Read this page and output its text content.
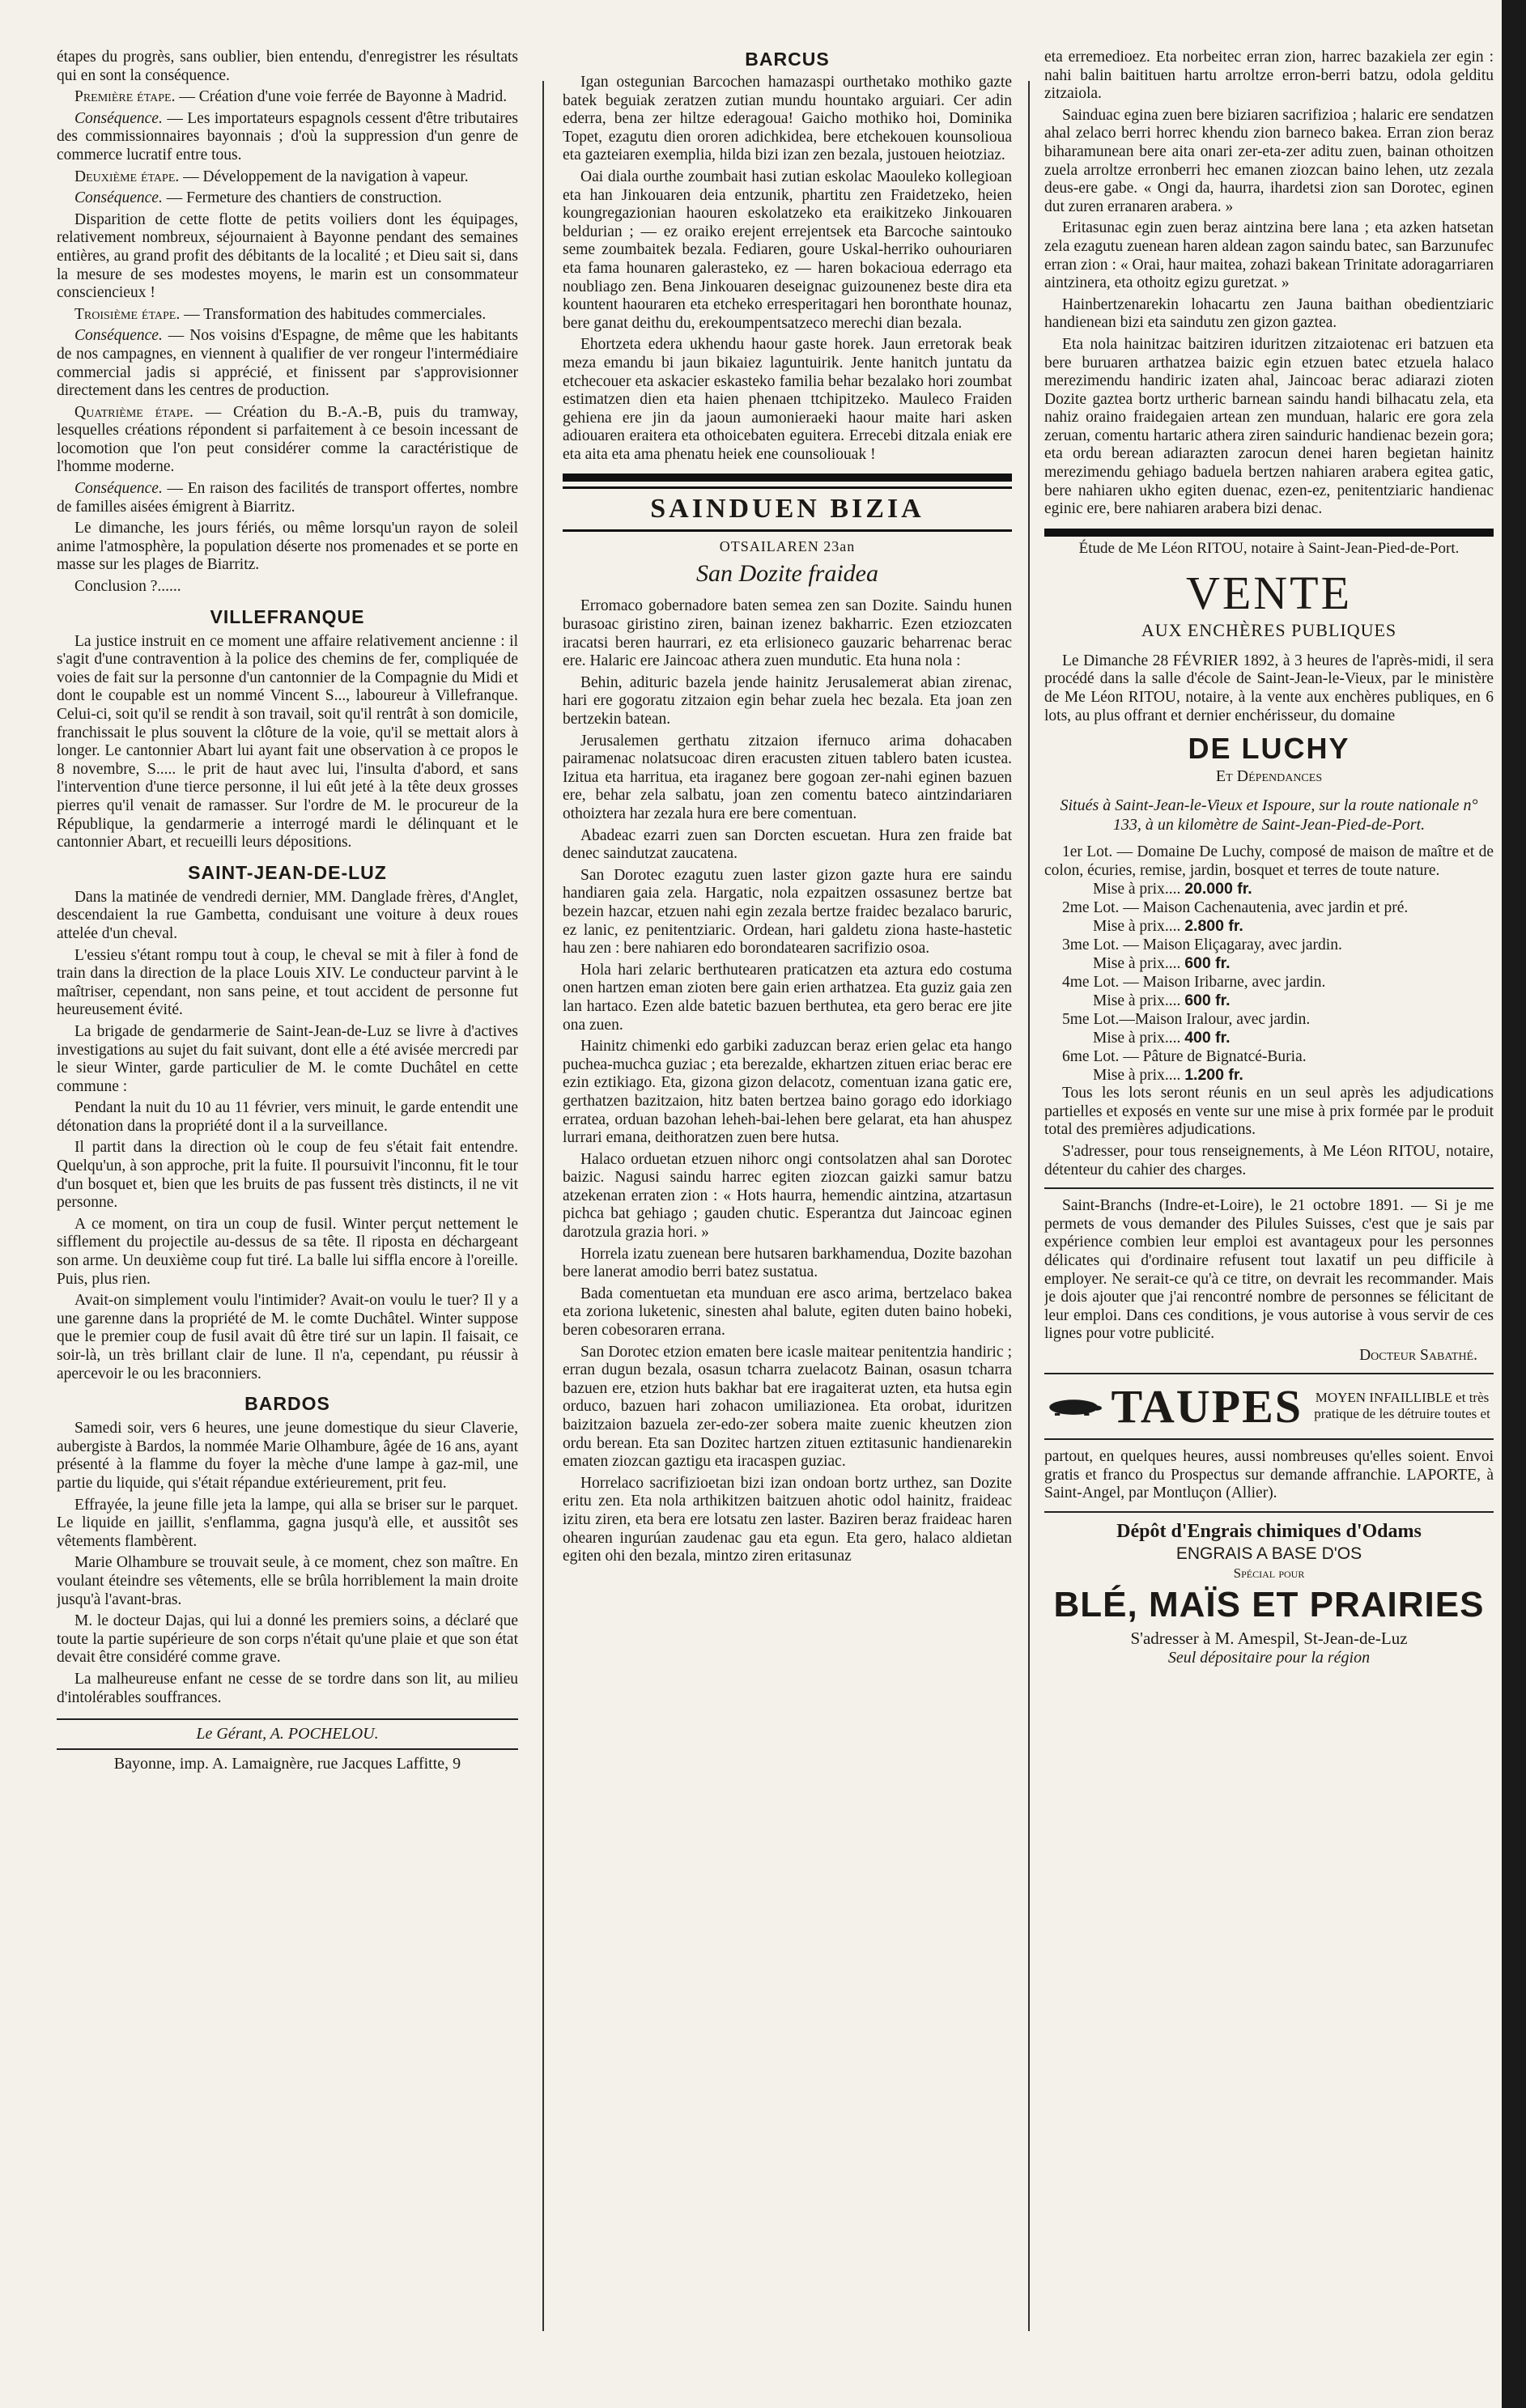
étapes du progrès, sans oublier, bien entendu, d'enregistrer les résultats qui en sont la conséquence.

Première étape. — Création d'une voie ferrée de Bayonne à Madrid.

Conséquence. — Les importateurs espagnols cessent d'être tributaires des commissionnaires bayonnais ; d'où la suppression d'un genre de commerce lucratif entre tous.

Deuxième étape. — Développement de la navigation à vapeur.

Conséquence. — Fermeture des chantiers de construction.

Disparition de cette flotte de petits voiliers dont les équipages, relativement nombreux, séjournaient à Bayonne pendant des semaines entières, au grand profit des débitants de la localité ; et Dieu sait si, dans la mesure de ses modestes moyens, le marin est un consommateur consciencieux !

Troisième étape. — Transformation des habitudes commerciales.

Conséquence. — Nos voisins d'Espagne, de même que les habitants de nos campagnes, en viennent à qualifier de ver rongeur l'intermédiaire commercial jadis si apprécié, et finissent par s'approvisionner directement dans les centres de production.

Quatrième étape. — Création du B.-A.-B, puis du tramway, lesquelles créations répondent si parfaitement à ce besoin incessant de locomotion que l'on peut considérer comme la caractéristique de l'homme moderne.

Conséquence. — En raison des facilités de transport offertes, nombre de familles aisées émigrent à Biarritz.

Le dimanche, les jours fériés, ou même lorsqu'un rayon de soleil anime l'atmosphère, la population déserte nos promenades et se porte en masse sur les plages de Biarritz.

Conclusion ?......

VILLEFRANQUE

La justice instruit en ce moment une affaire relativement ancienne : il s'agit d'une contravention à la police des chemins de fer, compliquée de voies de fait sur la personne d'un cantonnier de la Compagnie du Midi et dont le coupable est un nommé Vincent S..., laboureur à Villefranque. Celui-ci, soit qu'il se rendit à son travail, soit qu'il rentrât à son domicile, franchissait le plus souvent la clôture de la voie, qu'il se mettait alors à longer. Le cantonnier Abart lui ayant fait une observation à ce propos le 8 novembre, S..... le prit de haut avec lui, l'insulta d'abord, et sans l'intervention d'une tierce personne, il lui eût jeté à la tête deux grosses pierres qu'il venait de ramasser. Sur l'ordre de M. le procureur de la République, la gendarmerie a interrogé mardi le délinquant et le cantonnier Abart, et recueilli leurs dépositions.

SAINT-JEAN-DE-LUZ

Dans la matinée de vendredi dernier, MM. Danglade frères, d'Anglet, descendaient la rue Gambetta, conduisant une voiture à deux roues attelée d'un cheval.

L'essieu s'étant rompu tout à coup, le cheval se mit à filer à fond de train dans la direction de la place Louis XIV. Le conducteur parvint à le maîtriser, cependant, non sans peine, et tout accident de personne fut heureusement évité.

La brigade de gendarmerie de Saint-Jean-de-Luz se livre à d'actives investigations au sujet du fait suivant, dont elle a été avisée mercredi par le sieur Winter, garde particulier de M. le comte Duchâtel en cette commune :

Pendant la nuit du 10 au 11 février, vers minuit, le garde entendit une détonation dans la propriété dont il a la surveillance.

Il partit dans la direction où le coup de feu s'était fait entendre. Quelqu'un, à son approche, prit la fuite. Il poursuivit l'inconnu, fit le tour d'un bosquet et, bien que les bruits de pas fussent très distincts, il ne vit personne.

A ce moment, on tira un coup de fusil. Winter perçut nettement le sifflement du projectile au-dessus de sa tête. Il riposta en déchargeant son arme. Un deuxième coup fut tiré. La balle lui siffla encore à l'oreille. Puis, plus rien.

Avait-on simplement voulu l'intimider? Avait-on voulu le tuer? Il y a une garenne dans la propriété de M. le comte Duchâtel. Winter suppose que le premier coup de fusil avait dû être tiré sur un lapin. Il faisait, ce soir-là, un très brillant clair de lune. Il n'a, cependant, pu réussir à apercevoir le ou les braconniers.

BARDOS

Samedi soir, vers 6 heures, une jeune domestique du sieur Claverie, aubergiste à Bardos, la nommée Marie Olhambure, âgée de 16 ans, ayant présenté à la flamme du foyer la mèche d'une lampe à gaz-mil, une partie du liquide, qui s'était répandue extérieurement, prit feu.

Effrayée, la jeune fille jeta la lampe, qui alla se briser sur le parquet. Le liquide en jaillit, s'enflamma, gagna jusqu'à elle, et aussitôt ses vêtements flambèrent.

Marie Olhambure se trouvait seule, à ce moment, chez son maître. En voulant éteindre ses vêtements, elle se brûla horriblement la main droite jusqu'à l'avant-bras.

M. le docteur Dajas, qui lui a donné les premiers soins, a déclaré que toute la partie supérieure de son corps n'était qu'une plaie et que son état devait être considéré comme grave.

La malheureuse enfant ne cesse de se tordre dans son lit, au milieu d'intolérables souffrances.

Le Gérant, A. POCHELOU.
Bayonne, imp. A. Lamaignère, rue Jacques Laffitte, 9
BARCUS

Igan ostegunian Barcochen hamazaspi ourthetako mothiko gazte batek beguiak zeratzen zutian mundu hountako arguiari. Cer adin ederra, bena zer hiltze ederagoua! Gaicho mothiko hoi, Dominika Topet, ezagutu dien ororen adichkidea, bere etchekouen kounsolioua eta gazteiaren exemplia, hilda bizi izan zen bezala, justouen heiotziaz.

Oai diala ourthe zoumbait hasi zutian eskolac Maouleko kollegioan eta han Jinkouaren deia entzunik, phartitu zen Fraidetzeko, heien koungregazionian haouren eskolatzeko eta eraikitzeko Jinkouaren beldurian ; — ez oraiko erejent errejentsek eta Barcoche saintouko seme zoumbaitek bezala. Fediaren, goure Uskal-herriko ouhouriaren eta fama hounaren galerasteko, ez — haren bokacioua ederrago eta noubliago zen. Bena Jinkouaren deseignac guizounenez beste dira eta kountent haouraren eta etcheko erresperitagari hen boronthate hounaz, bere ganat deithu du, erekoumpentsatzeco merechi dian bezala.

Ehortzeta edera ukhendu haour gaste horek. Jaun erretorak beak meza emandu bi jaun bikaiez laguntuirik. Jente hanitch juntatu da etchecouer eta askacier eskasteko familia behar bezalako hori zoumbat estimatzen dien eta haien phenaen ttchipitzeko. Mauleco Fraiden gehienа ere jin da jaoun aumonieraeki haour maite hari asken adiouaren eraitera eta othoicebaten eguitera. Errecebi ditzala eniak ere eta aita eta ama phenatu heiek ene counsoliouak !

SAINDUEN BIZIA
OTSAILAREN 23an
San Dozite fraidea

Erromaco gobernadore baten semea zen san Dozite. Saindu hunen burasoac giristino ziren, bainan izenez bakharric. Ezen etziozcaten iracatsi beren haurrari, ez eta erlisioneco gauzaric beharrenac berac ere. Halaric ere Jaincoac athera zuen mundutic. Eta huna nola :

Behin, adituric bazela jende hainitz Jerusalemerat abian zirenac, hari ere gogoratu zitzaion egin behar zuela hec bezala. Eta joan zen bertzekin batean.

Jerusalemen gerthatu zitzaion ifernuco arima dohacaben pairamenac nolatsucoac diren eracusten zituen tablero baten icustea. Izitua eta harritua, eta iraganez bere gogoan zer-nahi eginen bazuen ere, behar zela salbatu, joan zen comentu bateco aintzindariaren othoiztera har zezala hura ere bere comentuan.

Abadeac ezarri zuen san Dorcten escuetan. Hura zen fraide bat denec saindutzat zaucatena.

San Dorotec ezagutu zuen laster gizon gazte hura ere saindu handiaren gaia zela. Hargatic, nola ezpaitzen ossasunez bertze bat bezein hazcar, etzuen nahi egin zezala bertze fraidec bezalaco baruric, ez lanic, ez penitentziaric. Ordean, hari galdetu ziona haste-hastetic hau zen : bere nahiaren edo borondatearen sacrifizio osoa.

Hola hari zelaric berthutearen praticatzen eta aztura edo costuma onen hartzen eman zioten bere gain erien arthatzea. Eta guziz gaia zen lan hartaco. Ezen alde batetic bazuen berthutea, eta gero berac ere jite ona zuen.

Hainitz chimenki edo garbiki zaduzcan beraz erien gelac eta hango puchea-muchca guziac ; eta berezalde, ekhartzen zituen eriac berac ere ezin eztikiago. Eta, gizona gizon delacotz, comentuan izana gatic ere, gerthatzen bazitzaion, hitz baten bertzea baino gorago edo idorkiago erratea, orduan bazohan leheh-bai-lehen bere gelarat, eta han ahuspez lurrari emana, deithoratzen zuen bere hutsa.

Halaco orduetan etzuen nihorc ongi contsolatzen ahal san Dorotec baizic. Nagusi saindu harrec egiten ziozcan gaizki samur batzu atzekenan erraten zion : « Hots haurra, hemendic aintzina, atzartasun pichca bat gehiago ; gauden chutic. Esperantza dut Jaincoac eginen darotzula grazia hori. »

Horrela izatu zuenean bere hutsaren barkhamendua, Dozite bazohan bere lanerat amodio berri batez sustatua.

Bada comentuetan eta munduan ere asco arima, bertzelaco bakea eta zoriona luketenic, sinesten ahal balute, egiten duten baino hobeki, beren cobesoraren errana.

San Dorotec etzion ematen bere icasle maitear penitentzia handiric ; erran dugun bezala, osasun tcharra zuelacotz Bainan, osasun tcharra bazuen ere, etzion huts bakhar bat ere iragaiterat uzten, eta hutsa egin orduco, bazuen hari zohacon umiliazionea. Eta orobat, iduritzen baizitzaion bazuela zer-edo-zer sobera maite zuenic kheutzen zion ordu berean. Eta san Dozitec hartzen zituen eztitasunic handienarekin ematen ziozcan gaztigu eta iracaspen guziac.

Horrelaco sacrifizioetan bizi izan ondoan bortz urthez, san Dozite eritu zen. Eta nola arthikitzen baitzuen ahotic odol hainitz, fraideac izitu ziren, eta bera ere lotsatu zen laster. Baziren beraz fraideac haren ohearen ingurúan zaudenac gau eta egun. Eta gero, halaco aldietan egiten ohi den bezala, mintzo ziren eritasunaz

eta erremedioez. Eta norbeitec erran zion, harrec bazakiela zer egin : nahi balin baitituen hartu arroltze erron-berri batzu, odola gelditu zitzaiola.

Sainduac egina zuen bere biziaren sacrifizioa ; halaric ere sendatzen ahal zelaco berri horrec khendu zion barneco bakea. Erran zion beraz biharamunean bere aita onari zer-eta-zer aditu zuen, bainan othoitzen zuela arroltze erronberri hec emanen ziozcan baino lehen, utz zezala deus-ere gabe. « Ongi da, haurra, ihardetsi zion san Dorotec, eginen dut zuren erranaren arabera. »

Eritasunac egin zuen beraz aintzina bere lana ; eta azken hatsetan zela ezagutu zuenean haren aldean zagon saindu batec, san Barzunufec erran zion : « Orai, haur maitea, zohazi bakean Trinitate adoragarriaren aintzinera, eta othoitz egizu guretzat. »

Hainbertzenarekin lohacartu zen Jauna baithan obedientziaric handienean bizi eta saindutu zen gizon gaztea.

Eta nola hainitzac baitziren iduritzen zitzaiotenac eri batzuen eta bere buruaren arthatzea baizic egin etzuen batec etzuela halaco merezimendu handiric izaten ahal, Jaincoac berac adiarazi zioten Dozite gaztea bortz urtheric barnean saindu handi bilhacatu zela, eta nahiz oraino fraidegaien artean zen munduan, halaric ere gora zela zeruan, comentu hartaric athera ziren sainduric handienac bezein gora; eta ordu berean adiarazten zarocun denei haren begietan hainitz merezimendu gehiago baduela bertzen nahiaren arabera egitea gatic, bere nahiaren ukho egiten duenac, ezen-ez, penitentziaric handienac eginic ere, bere nahiaren arabera bizi denac.

Étude de Me Léon RITOU, notaire à Saint-Jean-Pied-de-Port.
VENTE
AUX ENCHÈRES PUBLIQUES

Le Dimanche 28 FÉVRIER 1892, à 3 heures de l'après-midi, il sera procédé dans la salle d'école de Saint-Jean-le-Vieux, par le ministère de Me Léon RITOU, notaire, à la vente aux enchères publiques, en 6 lots, au plus offrant et dernier enchérisseur, du domaine

DE LUCHY
Et Dépendances
Situés à Saint-Jean-le-Vieux et Ispoure, sur la route nationale n° 133, à un kilomètre de Saint-Jean-Pied-de-Port.

1er Lot. — Domaine De Luchy, composé de maison de maître et de colon, écuries, remise, jardin, bosquet et terres de toute nature.

Mise à prix.... 20.000 fr.

2me Lot. — Maison Cachenautenia, avec jardin et pré.

Mise à prix.... 2.800 fr.

3me Lot. — Maison Eliçagaray, avec jardin.

Mise à prix.... 600 fr.

4me Lot. — Maison Iribarne, avec jardin.

Mise à prix.... 600 fr.

5me Lot.—Maison Iralour, avec jardin.

Mise à prix.... 400 fr.

6me Lot. — Pâture de Bignatcé-Buria.

Mise à prix.... 1.200 fr.

Tous les lots seront réunis en un seul après les adjudications partielles et exposés en vente sur une mise à prix formée par le produit total des premières adjudications.

S'adresser, pour tous renseignements, à Me Léon RITOU, notaire, détenteur du cahier des charges.

Saint-Branchs (Indre-et-Loire), le 21 octobre 1891. — Si je me permets de vous demander des Pilules Suisses, c'est que je sais par expérience combien leur emploi est avantageux pour les personnes délicates qui d'ordinaire refusent tout laxatif un peu difficile à employer. Ne serait-ce qu'à ce titre, on devrait les recommander. Mais je dois ajouter que j'ai rencontré nombre de personnes se félicitant de leur emploi. Dans ces conditions, je vous autorise à vous servir de ces lignes pour votre publicité.

Docteur Sabathé.
TAUPES MOYEN INFAILLIBLE et très pratique de les détruire toutes et

partout, en quelques heures, aussi nombreuses qu'elles soient. Envoi gratis et franco du Prospectus sur demande affranchie. LAPORTE, à Saint-Angel, par Montluçon (Allier).

Dépôt d'Engrais chimiques d'Odams
ENGRAIS A BASE D'OS
Spécial pour
BLÉ, MAÏS ET PRAIRIES
S'adresser à M. Amespil, St-Jean-de-Luz
Seul dépositaire pour la région
